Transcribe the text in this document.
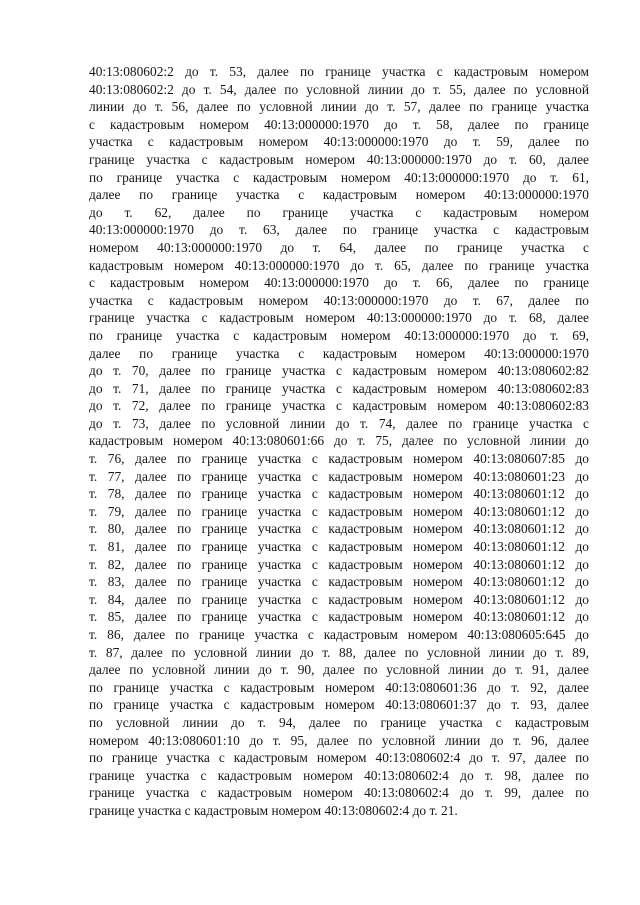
40:13:080602:2 до т. 53, далее по границе участка с кадастровым номером
40:13:080602:2 до т. 54, далее по условной линии до т. 55, далее по условной
линии до т. 56, далее по условной линии до т. 57, далее по границе участка
с кадастровым номером 40:13:000000:1970 до т. 58, далее по границе
участка с кадастровым номером 40:13:000000:1970 до т. 59, далее по
границе участка с кадастровым номером 40:13:000000:1970 до т. 60, далее
по границе участка с кадастровым номером 40:13:000000:1970 до т. 61,
далее по границе участка с кадастровым номером 40:13:000000:1970
до т. 62, далее по границе участка с кадастровым номером
40:13:000000:1970 до т. 63, далее по границе участка с кадастровым
номером 40:13:000000:1970 до т. 64, далее по границе участка с
кадастровым номером 40:13:000000:1970 до т. 65, далее по границе участка
с кадастровым номером 40:13:000000:1970 до т. 66, далее по границе
участка с кадастровым номером 40:13:000000:1970 до т. 67, далее по
границе участка с кадастровым номером 40:13:000000:1970 до т. 68, далее
по границе участка с кадастровым номером 40:13:000000:1970 до т. 69,
далее по границе участка с кадастровым номером 40:13:000000:1970
до т. 70, далее по границе участка с кадастровым номером 40:13:080602:82
до т. 71, далее по границе участка с кадастровым номером 40:13:080602:83
до т. 72, далее по границе участка с кадастровым номером 40:13:080602:83
до т. 73, далее по условной линии до т. 74, далее по границе участка с
кадастровым номером 40:13:080601:66 до т. 75, далее по условной линии до
т. 76, далее по границе участка с кадастровым номером 40:13:080607:85 до
т. 77, далее по границе участка с кадастровым номером 40:13:080601:23 до
т. 78, далее по границе участка с кадастровым номером 40:13:080601:12 до
т. 79, далее по границе участка с кадастровым номером 40:13:080601:12 до
т. 80, далее по границе участка с кадастровым номером 40:13:080601:12 до
т. 81, далее по границе участка с кадастровым номером 40:13:080601:12 до
т. 82, далее по границе участка с кадастровым номером 40:13:080601:12 до
т. 83, далее по границе участка с кадастровым номером 40:13:080601:12 до
т. 84, далее по границе участка с кадастровым номером 40:13:080601:12 до
т. 85, далее по границе участка с кадастровым номером 40:13:080601:12 до
т. 86, далее по границе участка с кадастровым номером 40:13:080605:645 до
т. 87, далее по условной линии до т. 88, далее по условной линии до т. 89,
далее по условной линии до т. 90, далее по условной линии до т. 91, далее
по границе участка с кадастровым номером 40:13:080601:36 до т. 92, далее
по границе участка с кадастровым номером 40:13:080601:37 до т. 93, далее
по условной линии до т. 94, далее по границе участка с кадастровым
номером 40:13:080601:10 до т. 95, далее по условной линии до т. 96, далее
по границе участка с кадастровым номером 40:13:080602:4 до т. 97, далее по
границе участка с кадастровым номером 40:13:080602:4 до т. 98, далее по
границе участка с кадастровым номером 40:13:080602:4 до т. 99, далее по
границе участка с кадастровым номером 40:13:080602:4 до т. 21.
